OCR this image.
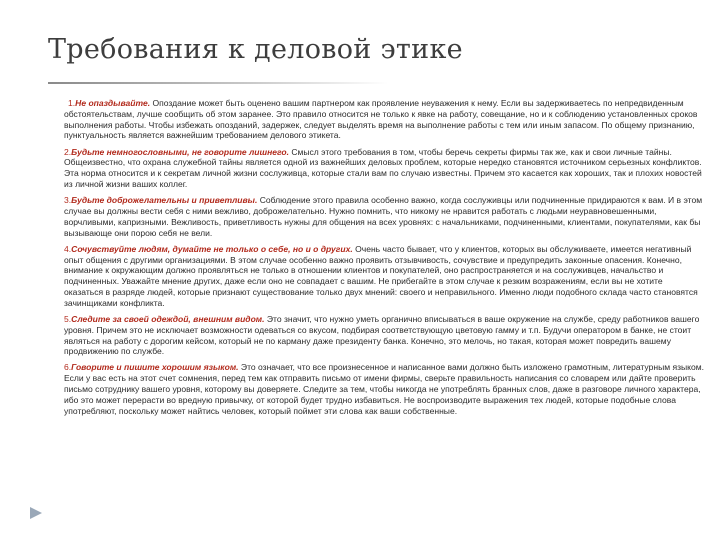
Требования к деловой этике

1.Не опаздывайте. Опоздание может быть оценено вашим партнером как проявление неуважения к нему. Если вы задерживаетесь по непредвиденным обстоятельствам, лучше сообщить об этом заранее. Это правило относится не только к явке на работу, совещание, но и к соблюдению установленных сроков выполнения работы. Чтобы избежать опозданий, задержек, следует выделять время на выполнение работы с тем или иным запасом. По общему признанию, пунктуальность является важнейшим требованием делового этикета.

2.Будьте немногословными, не говорите лишнего. Смысл этого требования в том, чтобы беречь секреты фирмы так же, как и свои личные тайны. Общеизвестно, что охрана служебной тайны является одной из важнейших деловых проблем, которые нередко становятся источником серьезных конфликтов. Эта норма относится и к секретам личной жизни сослуживца, которые стали вам по случаю известны. Причем это касается как хороших, так и плохих новостей из личной жизни ваших коллег.

3.Будьте доброжелательны и приветливы. Соблюдение этого правила особенно важно, когда сослуживцы или подчиненные придираются к вам. И в этом случае вы должны вести себя с ними вежливо, доброжелательно. Нужно помнить, что никому не нравится работать с людьми неуравновешенными, ворчливыми, капризными. Вежливость, приветливость нужны для общения на всех уровнях: с начальниками, подчиненными, клиентами, покупателями, как бы вызывающе они порою себя не вели.

4.Сочувствуйте людям, думайте не только о себе, но и о других. Очень часто бывает, что у клиентов, которых вы обслуживаете, имеется негативный опыт общения с другими организациями. В этом случае особенно важно проявить отзывчивость, сочувствие и предупредить законные опасения. Конечно, внимание к окружающим должно проявляться не только в отношении клиентов и покупателей, оно распространяется и на сослуживцев, начальство и подчиненных. Уважайте мнение других, даже если оно не совпадает с вашим. Не прибегайте в этом случае к резким возражениям, если вы не хотите оказаться в разряде людей, которые признают существование только двух мнений: своего и неправильного. Именно люди подобного склада часто становятся зачинщиками конфликта.

5.Следите за своей одеждой, внешним видом. Это значит, что нужно уметь органично вписываться в ваше окружение на службе, среду работников вашего уровня. Причем это не исключает возможности одеваться со вкусом, подбирая соответствующую цветовую гамму и т.п. Будучи оператором в банке, не стоит являться на работу с дорогим кейсом, который не по карману даже президенту банка. Конечно, это мелочь, но такая, которая может повредить вашему продвижению по службе.

6.Говорите и пишите хорошим языком. Это означает, что все произнесенное и написанное вами должно быть изложено грамотным, литературным языком. Если у вас есть на этот счет сомнения, перед тем как отправить письмо от имени фирмы, сверьте правильность написания со словарем или дайте проверить письмо сотруднику вашего уровня, которому вы доверяете. Следите за тем, чтобы никогда не употреблять бранных слов, даже в разговоре личного характера, ибо это может перерасти во вредную привычку, от которой будет трудно избавиться. Не воспроизводите выражения тех людей, которые подобные слова употребляют, поскольку может найтись человек, который поймет эти слова как ваши собственные.
